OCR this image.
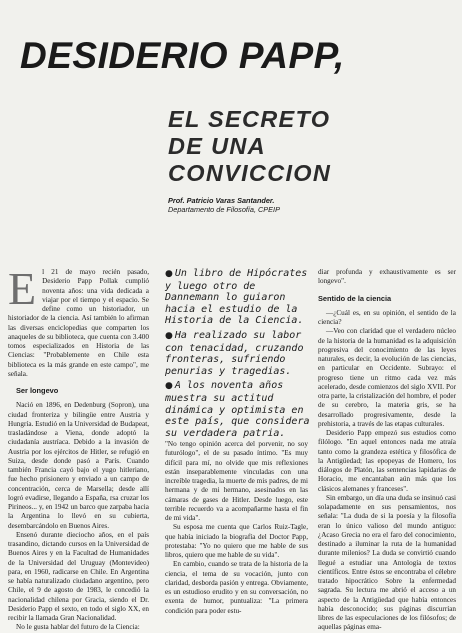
DESIDERIO PAPP,
EL SECRETO
DE UNA
CONVICCION
Prof. Patricio Varas Santander.
Departamento de Filosofía, CPEIP

El 21 de mayo recién pasado, Desiderio Papp Pollak cumplió noventa años: una vida dedicada a viajar por el tiempo y el espacio. Se define como un historiador, un historiador de la ciencia. Así también lo afirman las diversas enciclopedias que comparten los anaqueles de su biblioteca, que cuenta con 3.400 tomos especializados en Historia de las Ciencias: "Probablemente en Chile esta biblioteca es la más grande en este campo", me señala.

Ser longevo

Nació en 1896, en Dedenburg (Sopron), una ciudad fronteriza y bilingüe entre Austria y Hungría. Estudió en la Universidad de Budapeat, trasladándose a Viena, donde adoptó la ciudadanía austríaca. Debido a la invasión de Austria por los ejércitos de Hitler, se refugió en Suiza, desde donde pasó a París. Cuando también Francia cayó bajo el yugo hitleriano, fue hecho prisionero y enviado a un campo de concentración, cerca de Marsella; desde allí logró evadirse, llegando a España, rsa cruzar los Pirineos... y, en 1942 un barco que zarpaba hacia la Argentina lo llevó en su cubierta, desembarcándolo en Buenos Aires.

Ensenó durante dieciocho años, en el país trasandino, dictando cursos en la Universidad de Buenos Aires y en la Facultad de Humanidades de la Universidad del Uruguay (Montevideo) para, en 1960, radicarse en Chile. En Argentina se había naturalizado ciudadano argentino, pero Chile, el 9 de agosto de 1983, le concedió la nacionalidad chilena por Gracia, siendo el Dr. Desiderio Papp el sexto, en todo el siglo XX, en recibir la llamada Gran Nacionalidad.

No le gusta hablar del futuro de la Ciencia:

● Un libro de Hipócrates y luego otro de Dannemann lo guiaron hacia el estudio de la Historia de la Ciencia.

● Ha realizado su labor con tenacidad, cruzando fronteras, sufriendo penurias y tragedias.

● A los noventa años muestra su actitud dinámica y optimista en este país, que considera su verdadera patria.

"No tengo opinión acerca del porvenir, no soy futurólogo", el de su pasado íntimo. "Es muy difícil para mí, no olvide que mis reflexiones están inseparablemente vinculadas con una increíble tragedia, la muerte de mis padres, de mi hermana y de mi hermano, asesinados en las cámaras de gases de Hitler. Desde luego, este terrible recuerdo va a acompañarme hasta el fin de mi vida".

Su esposa me cuenta que Carlos Ruiz-Tagle, que había iniciado la biografía del Doctor Papp, protestaba: "Yo no quiero que me hable de sus libros, quiero que me hable de su vida".

En cambio, cuando se trata de la historia de la ciencia, el tema de su vocación, junto con claridad, desborda pasión y entrega. Obviamente, es un estudioso erudito y en su conversación, no exenta de humor, puntualiza: "La primera condición para poder estu-

diar profunda y exhaustivamente es ser longevo".

Sentido de la ciencia

—¿Cuál es, en su opinión, el sentido de la ciencia?

—Veo con claridad que el verdadero núcleo de la historia de la humanidad es la adquisición progresiva del conocimiento de las leyes naturales, es decir, la evolución de las ciencias, en particular en Occidente. Subrayo: el progreso tiene un ritmo cada vez más acelerado, desde comienzos del siglo XVII. Por otra parte, la cristalización del hombre, el poder de su cerebro, la materia gris, se ha desarrollado progresivamente, desde la prehistoria, a través de las etapas culturales.

Desiderio Papp empezó sus estudios como filólogo. "En aquel entonces nada me atraía tanto como la grandeza estética y filosófica de la Antigüedad; las epopeyas de Homero, los diálogos de Platón, las sentencias lapidarias de Horacio, me encantaban aún más que los clásicos alemanes y franceses".

Sin embargo, un día una duda se insinuó casi solapadamente en sus pensamientos, nos señala: "La duda de si la poesía y la filosofía eran lo único valioso del mundo antiguo: ¿Acaso Grecia no era el faro del conocimiento, destinado a iluminar la ruta de la humanidad durante milenios? La duda se convirtió cuando llegué a estudiar una Antología de textos científicos. Entre éstos se encontraba el célebre tratado hipocrático Sobre la enfermedad sagrada. Su lectura me abrió el acceso a un aspecto de la Antigüedad que había entonces había desconocido; sus páginas discurrían libres de las especulaciones de los filósofos; de aquellas páginas ema-
